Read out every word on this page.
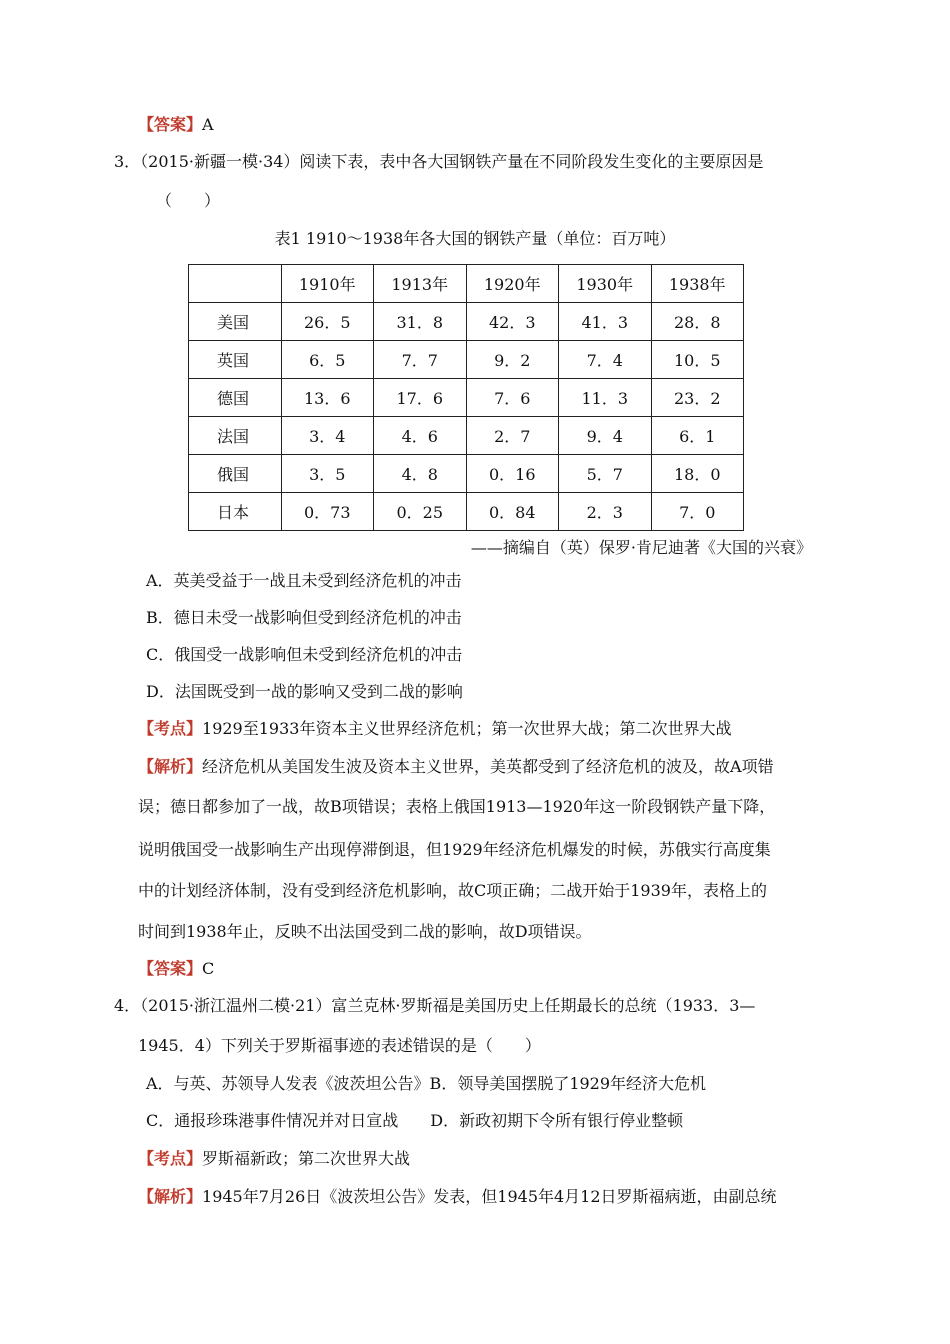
【答案】A
3．（2015·新疆一模·34）阅读下表，表中各大国钢铁产量在不同阶段发生变化的主要原因是
（　　）
表1 1910～1938年各大国的钢铁产量（单位：百万吨）
	1910年	1913年	1920年	1930年	1938年
美国	26．5	31．8	42．3	41．3	28．8
英国	6．5	7．7	9．2	7．4	10．5
德国	13．6	17．6	7．6	11．3	23．2
法国	3．4	4．6	2．7	9．4	6．1
俄国	3．5	4．8	0．16	5．7	18．0
日本	0．73	0．25	0．84	2．3	7．0
——摘编自（英）保罗·肯尼迪著《大国的兴衰》
A．英美受益于一战且未受到经济危机的冲击
B．德日未受一战影响但受到经济危机的冲击
C．俄国受一战影响但未受到经济危机的冲击
D．法国既受到一战的影响又受到二战的影响
【考点】1929至1933年资本主义世界经济危机；第一次世界大战；第二次世界大战
【解析】经济危机从美国发生波及资本主义世界，美英都受到了经济危机的波及，故A项错
误；德日都参加了一战，故B项错误；表格上俄国1913—1920年这一阶段钢铁产量下降，
说明俄国受一战影响生产出现停滞倒退，但1929年经济危机爆发的时候，苏俄实行高度集
中的计划经济体制，没有受到经济危机影响，故C项正确；二战开始于1939年，表格上的
时间到1938年止，反映不出法国受到二战的影响，故D项错误。
【答案】C
4．（2015·浙江温州二模·21）富兰克林·罗斯福是美国历史上任期最长的总统（1933．3—
1945．4）下列关于罗斯福事迹的表述错误的是（　　）
A．与英、苏领导人发表《波茨坦公告》B．领导美国摆脱了1929年经济大危机
C．通报珍珠港事件情况并对日宣战　　D．新政初期下令所有银行停业整顿
【考点】罗斯福新政；第二次世界大战
【解析】1945年7月26日《波茨坦公告》发表，但1945年4月12日罗斯福病逝，由副总统
